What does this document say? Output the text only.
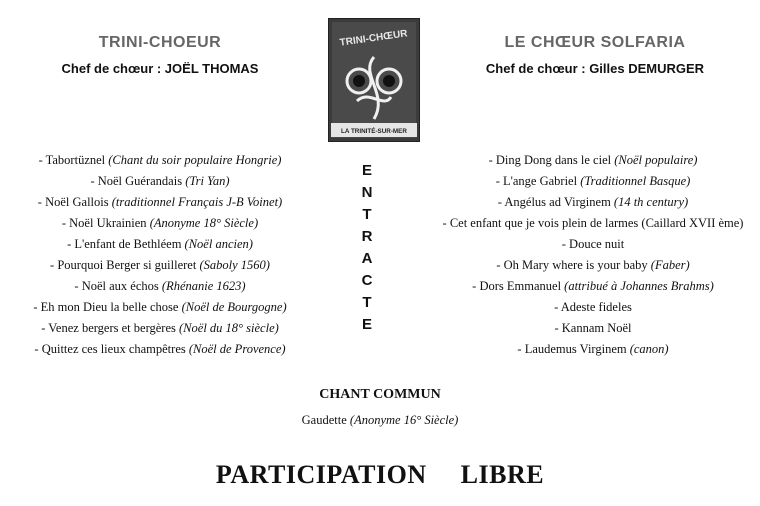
TRINI-CHOEUR
Chef de chœur : JOËL THOMAS
TRINI-CHŒUR
LA TRINITÉ-SUR-MER
LE CHŒUR SOLFARIA
Chef de chœur : Gilles DEMURGER
- Tabortüznel (Chant du soir populaire Hongrie)
- Noël Guérandais (Tri Yan)
- Noël Gallois (traditionnel Français J-B Voinet)
- Noël Ukrainien (Anonyme 18° Siècle)
- L'enfant de Bethléem (Noël ancien)
- Pourquoi Berger si guilleret (Saboly 1560)
- Noël aux échos (Rhénanie 1623)
- Eh mon Dieu la belle chose (Noël de Bourgogne)
- Venez bergers et bergères (Noël du 18° siècle)
- Quittez ces lieux champêtres (Noël de Provence)
E
N
T
R
A
C
T
E
- Ding Dong dans le ciel (Noël populaire)
- L'ange Gabriel (Traditionnel Basque)
- Angélus ad Virginem (14 th century)
- Cet enfant que je vois plein de larmes (Caillard XVII ème)
- Douce nuit
- Oh Mary where is your baby (Faber)
- Dors Emmanuel (attribué à Johannes Brahms)
- Adeste fideles
- Kannam Noël
- Laudemus Virginem (canon)
CHANT COMMUN
Gaudette (Anonyme 16° Siècle)
PARTICIPATION LIBRE
